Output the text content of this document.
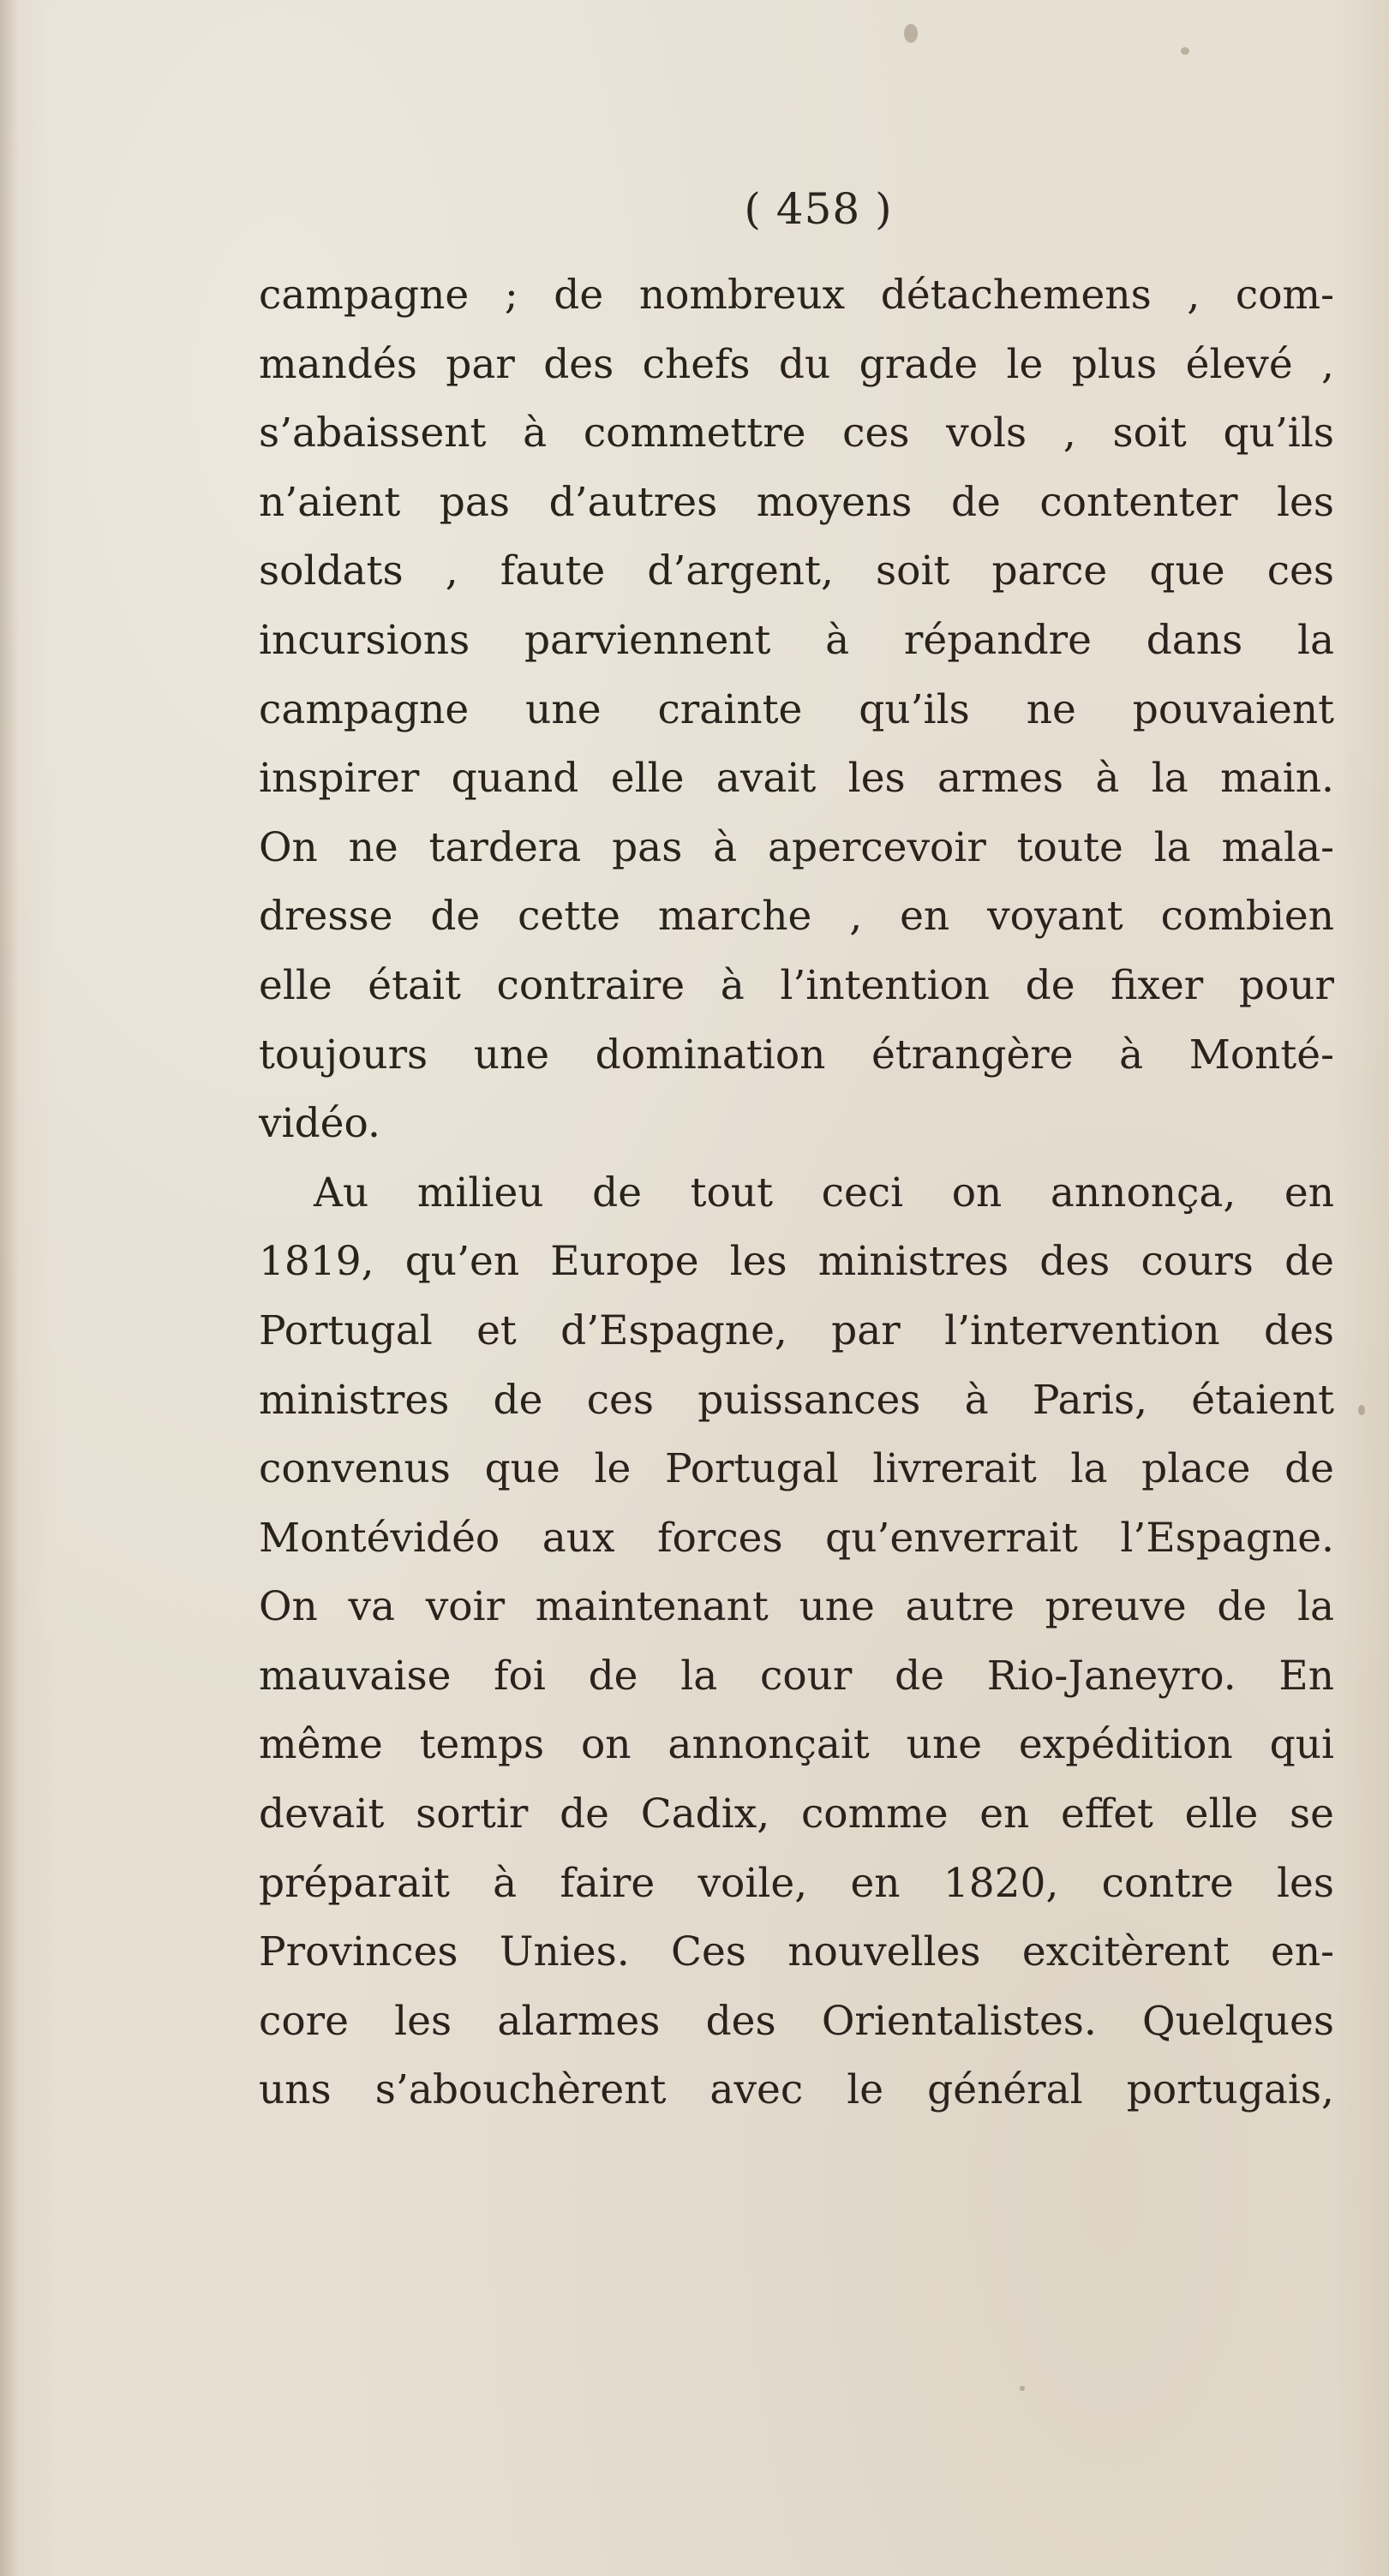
( 458 )
campagne ; de nombreux détachemens , com-
mandés par des chefs du grade le plus élevé ,
s’abaissent à commettre ces vols , soit qu’ils
n’aient pas d’autres moyens de contenter les
soldats , faute d’argent, soit parce que ces
incursions parviennent à répandre dans la
campagne une crainte qu’ils ne pouvaient
inspirer quand elle avait les armes à la main.
On ne tardera pas à apercevoir toute la mala-
dresse de cette marche , en voyant combien
elle était contraire à l’intention de fixer pour
toujours une domination étrangère à Monté-
vidéo.
Au milieu de tout ceci on annonça, en
1819, qu’en Europe les ministres des cours de
Portugal et d’Espagne, par l’intervention des
ministres de ces puissances à Paris, étaient
convenus que le Portugal livrerait la place de
Montévidéo aux forces qu’enverrait l’Espagne.
On va voir maintenant une autre preuve de la
mauvaise foi de la cour de Rio-Janeyro. En
même temps on annonçait une expédition qui
devait sortir de Cadix, comme en effet elle se
préparait à faire voile, en 1820, contre les
Provinces Unies. Ces nouvelles excitèrent en-
core les alarmes des Orientalistes. Quelques
uns s’abouchèrent avec le général portugais,
